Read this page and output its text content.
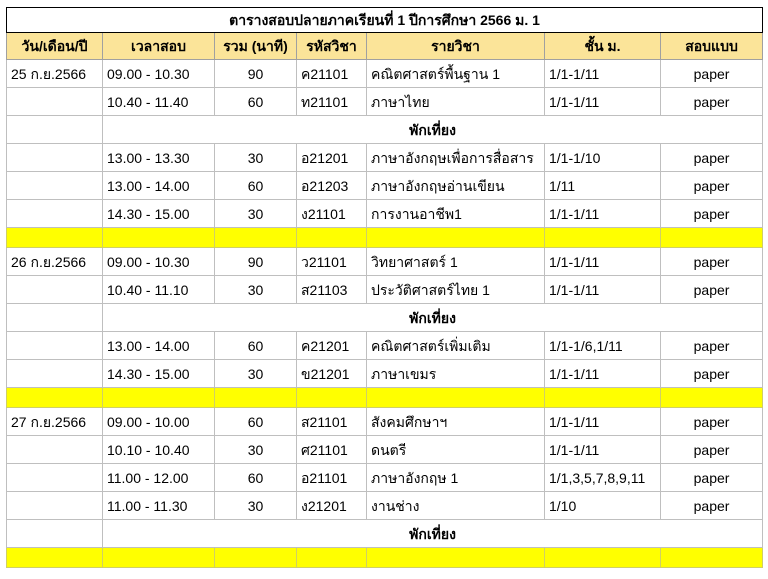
ตารางสอบปลายภาคเรียนที่ 1 ปีการศึกษา 2566 ม. 1						
วัน/เดือน/ปี	เวลาสอบ	รวม (นาที)	รหัสวิชา	รายวิชา	ชั้น ม.	สอบแบบ
25 ก.ย.2566	09.00 - 10.30	90	ค21101	คณิตศาสตร์พื้นฐาน 1	1/1-1/11	paper
	10.40 - 11.40	60	ท21101	ภาษาไทย	1/1-1/11	paper
	พักเที่ยง					
	13.00 - 13.30	30	อ21201	ภาษาอังกฤษเพื่อการสื่อสาร	1/1-1/10	paper
	13.00 - 14.00	60	อ21203	ภาษาอังกฤษอ่านเขียน	1/11	paper
	14.30 - 15.00	30	ง21101	การงานอาชีพ1	1/1-1/11	paper

26 ก.ย.2566	09.00 - 10.30	90	ว21101	วิทยาศาสตร์ 1	1/1-1/11	paper
	10.40 - 11.10	30	ส21103	ประวัติศาสตร์ไทย 1	1/1-1/11	paper
	พักเที่ยง					
	13.00 - 14.00	60	ค21201	คณิตศาสตร์เพิ่มเติม	1/1-1/6,1/11	paper
	14.30 - 15.00	30	ข21201	ภาษาเขมร	1/1-1/11	paper

27 ก.ย.2566	09.00 - 10.00	60	ส21101	สังคมศึกษาฯ	1/1-1/11	paper
	10.10 - 10.40	30	ศ21101	ดนตรี	1/1-1/11	paper
	11.00 - 12.00	60	อ21101	ภาษาอังกฤษ 1	1/1,3,5,7,8,9,11	paper
	11.00 - 11.30	30	ง21201	งานช่าง	1/10	paper
	พักเที่ยง					
